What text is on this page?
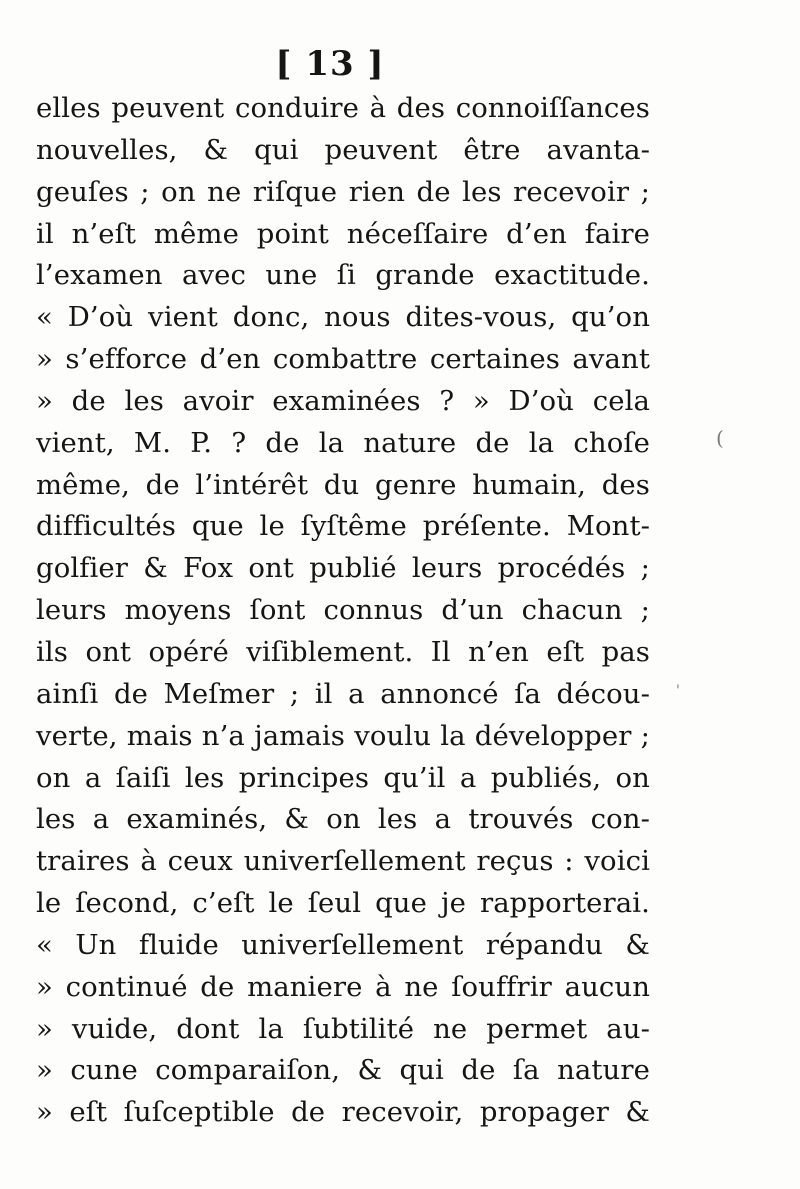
[ 13 ]
elles peuvent conduire à des connoiſſances
nouvelles, & qui peuvent être avanta-
geuſes ; on ne riſque rien de les recevoir ;
il n’eſt même point néceſſaire d’en faire
l’examen avec une ſi grande exactitude.
« D’où vient donc, nous dites-vous, qu’on
» s’efforce d’en combattre certaines avant
» de les avoir examinées ? » D’où cela
vient, M. P. ? de la nature de la choſe
même, de l’intérêt du genre humain, des
difficultés que le ſyſtême préſente. Mont-
golfier & Fox ont publié leurs procédés ;
leurs moyens ſont connus d’un chacun ;
ils ont opéré viſiblement. Il n’en eſt pas
ainſi de Meſmer ; il a annoncé ſa décou-
verte, mais n’a jamais voulu la développer ;
on a ſaiſi les principes qu’il a publiés, on
les a examinés, & on les a trouvés con-
traires à ceux univerſellement reçus : voici
le ſecond, c’eſt le ſeul que je rapporterai.
« Un fluide univerſellement répandu &
» continué de maniere à ne ſouffrir aucun
» vuide, dont la ſubtilité ne permet au-
» cune comparaiſon, & qui de ſa nature
» eſt ſuſceptible de recevoir, propager &
(
'
